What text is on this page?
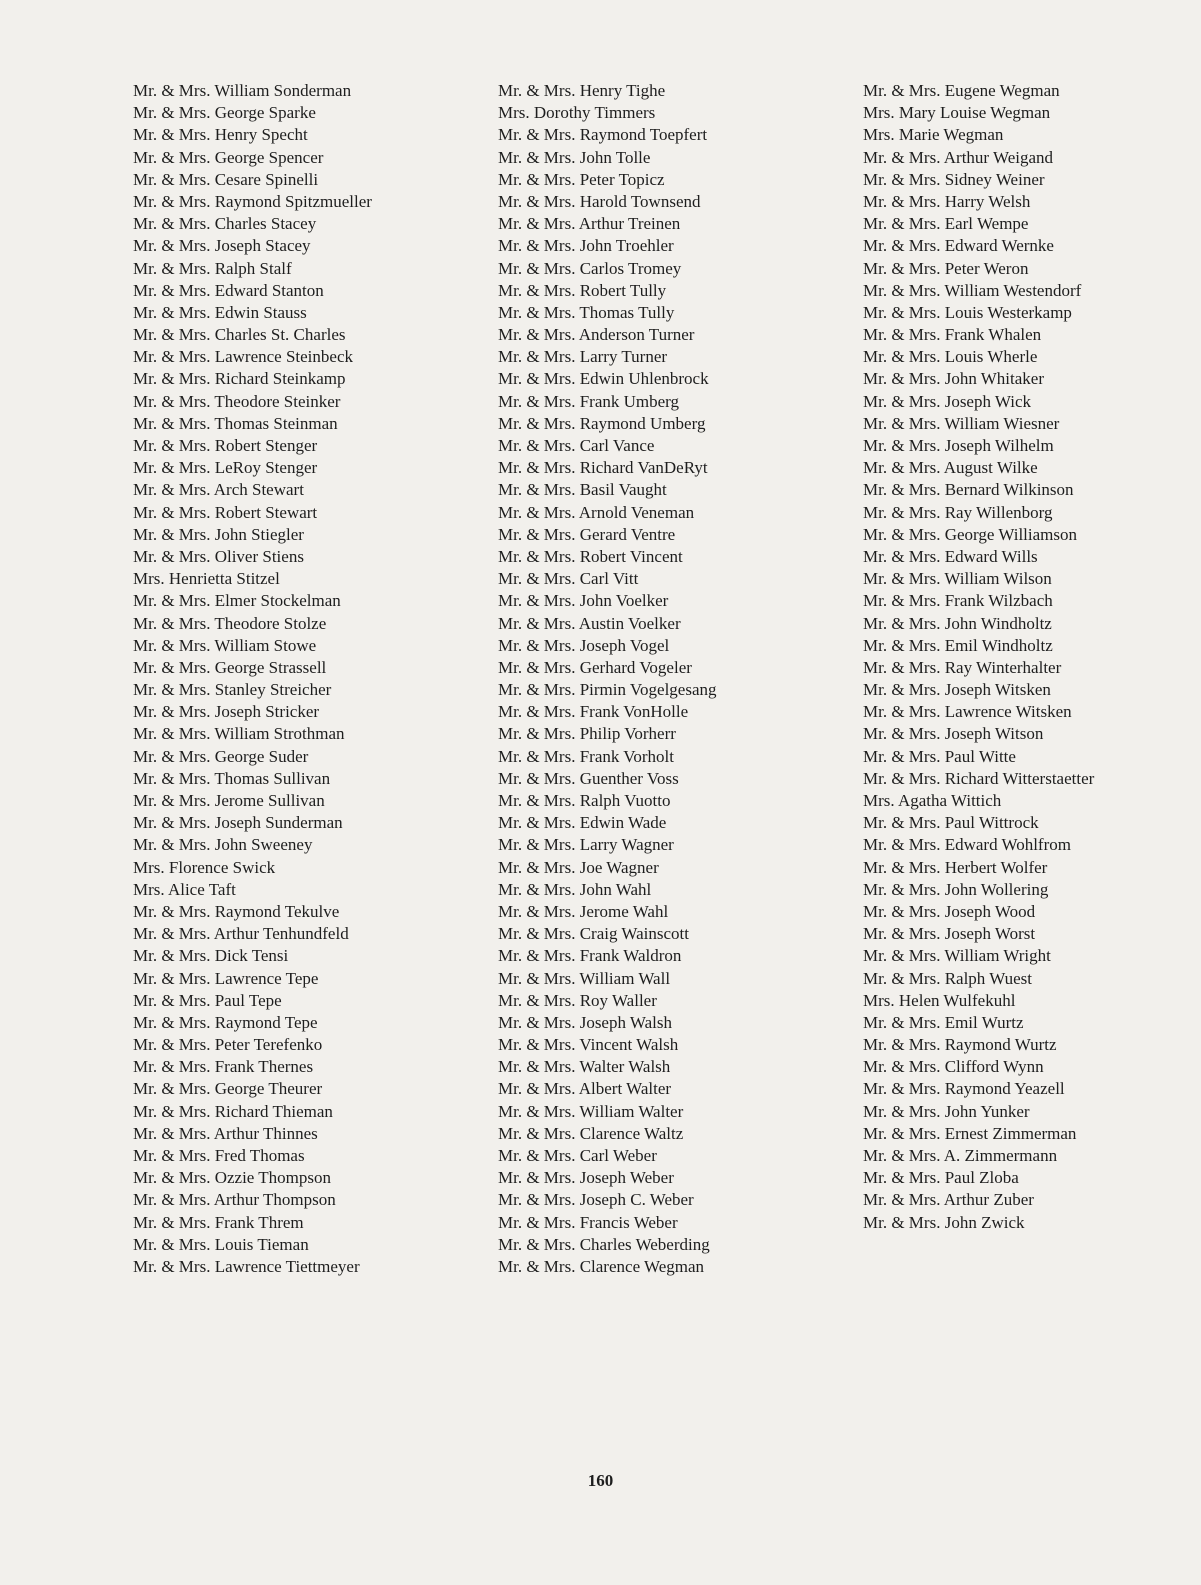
Mr. & Mrs. William Sonderman
Mr. & Mrs. George Sparke
Mr. & Mrs. Henry Specht
Mr. & Mrs. George Spencer
Mr. & Mrs. Cesare Spinelli
Mr. & Mrs. Raymond Spitzmueller
Mr. & Mrs. Charles Stacey
Mr. & Mrs. Joseph Stacey
Mr. & Mrs. Ralph Stalf
Mr. & Mrs. Edward Stanton
Mr. & Mrs. Edwin Stauss
Mr. & Mrs. Charles St. Charles
Mr. & Mrs. Lawrence Steinbeck
Mr. & Mrs. Richard Steinkamp
Mr. & Mrs. Theodore Steinker
Mr. & Mrs. Thomas Steinman
Mr. & Mrs. Robert Stenger
Mr. & Mrs. LeRoy Stenger
Mr. & Mrs. Arch Stewart
Mr. & Mrs. Robert Stewart
Mr. & Mrs. John Stiegler
Mr. & Mrs. Oliver Stiens
Mrs. Henrietta Stitzel
Mr. & Mrs. Elmer Stockelman
Mr. & Mrs. Theodore Stolze
Mr. & Mrs. William Stowe
Mr. & Mrs. George Strassell
Mr. & Mrs. Stanley Streicher
Mr. & Mrs. Joseph Stricker
Mr. & Mrs. William Strothman
Mr. & Mrs. George Suder
Mr. & Mrs. Thomas Sullivan
Mr. & Mrs. Jerome Sullivan
Mr. & Mrs. Joseph Sunderman
Mr. & Mrs. John Sweeney
Mrs. Florence Swick
Mrs. Alice Taft
Mr. & Mrs. Raymond Tekulve
Mr. & Mrs. Arthur Tenhundfeld
Mr. & Mrs. Dick Tensi
Mr. & Mrs. Lawrence Tepe
Mr. & Mrs. Paul Tepe
Mr. & Mrs. Raymond Tepe
Mr. & Mrs. Peter Terefenko
Mr. & Mrs. Frank Thernes
Mr. & Mrs. George Theurer
Mr. & Mrs. Richard Thieman
Mr. & Mrs. Arthur Thinnes
Mr. & Mrs. Fred Thomas
Mr. & Mrs. Ozzie Thompson
Mr. & Mrs. Arthur Thompson
Mr. & Mrs. Frank Threm
Mr. & Mrs. Louis Tieman
Mr. & Mrs. Lawrence Tiettmeyer
Mr. & Mrs. Henry Tighe
Mrs. Dorothy Timmers
Mr. & Mrs. Raymond Toepfert
Mr. & Mrs. John Tolle
Mr. & Mrs. Peter Topicz
Mr. & Mrs. Harold Townsend
Mr. & Mrs. Arthur Treinen
Mr. & Mrs. John Troehler
Mr. & Mrs. Carlos Tromey
Mr. & Mrs. Robert Tully
Mr. & Mrs. Thomas Tully
Mr. & Mrs. Anderson Turner
Mr. & Mrs. Larry Turner
Mr. & Mrs. Edwin Uhlenbrock
Mr. & Mrs. Frank Umberg
Mr. & Mrs. Raymond Umberg
Mr. & Mrs. Carl Vance
Mr. & Mrs. Richard VanDeRyt
Mr. & Mrs. Basil Vaught
Mr. & Mrs. Arnold Veneman
Mr. & Mrs. Gerard Ventre
Mr. & Mrs. Robert Vincent
Mr. & Mrs. Carl Vitt
Mr. & Mrs. John Voelker
Mr. & Mrs. Austin Voelker
Mr. & Mrs. Joseph Vogel
Mr. & Mrs. Gerhard Vogeler
Mr. & Mrs. Pirmin Vogelgesang
Mr. & Mrs. Frank VonHolle
Mr. & Mrs. Philip Vorherr
Mr. & Mrs. Frank Vorholt
Mr. & Mrs. Guenther Voss
Mr. & Mrs. Ralph Vuotto
Mr. & Mrs. Edwin Wade
Mr. & Mrs. Larry Wagner
Mr. & Mrs. Joe Wagner
Mr. & Mrs. John Wahl
Mr. & Mrs. Jerome Wahl
Mr. & Mrs. Craig Wainscott
Mr. & Mrs. Frank Waldron
Mr. & Mrs. William Wall
Mr. & Mrs. Roy Waller
Mr. & Mrs. Joseph Walsh
Mr. & Mrs. Vincent Walsh
Mr. & Mrs. Walter Walsh
Mr. & Mrs. Albert Walter
Mr. & Mrs. William Walter
Mr. & Mrs. Clarence Waltz
Mr. & Mrs. Carl Weber
Mr. & Mrs. Joseph Weber
Mr. & Mrs. Joseph C. Weber
Mr. & Mrs. Francis Weber
Mr. & Mrs. Charles Weberding
Mr. & Mrs. Clarence Wegman
Mr. & Mrs. Eugene Wegman
Mrs. Mary Louise Wegman
Mrs. Marie Wegman
Mr. & Mrs. Arthur Weigand
Mr. & Mrs. Sidney Weiner
Mr. & Mrs. Harry Welsh
Mr. & Mrs. Earl Wempe
Mr. & Mrs. Edward Wernke
Mr. & Mrs. Peter Weron
Mr. & Mrs. William Westendorf
Mr. & Mrs. Louis Westerkamp
Mr. & Mrs. Frank Whalen
Mr. & Mrs. Louis Wherle
Mr. & Mrs. John Whitaker
Mr. & Mrs. Joseph Wick
Mr. & Mrs. William Wiesner
Mr. & Mrs. Joseph Wilhelm
Mr. & Mrs. August Wilke
Mr. & Mrs. Bernard Wilkinson
Mr. & Mrs. Ray Willenborg
Mr. & Mrs. George Williamson
Mr. & Mrs. Edward Wills
Mr. & Mrs. William Wilson
Mr. & Mrs. Frank Wilzbach
Mr. & Mrs. John Windholtz
Mr. & Mrs. Emil Windholtz
Mr. & Mrs. Ray Winterhalter
Mr. & Mrs. Joseph Witsken
Mr. & Mrs. Lawrence Witsken
Mr. & Mrs. Joseph Witson
Mr. & Mrs. Paul Witte
Mr. & Mrs. Richard Witterstaetter
Mrs. Agatha Wittich
Mr. & Mrs. Paul Wittrock
Mr. & Mrs. Edward Wohlfrom
Mr. & Mrs. Herbert Wolfer
Mr. & Mrs. John Wollering
Mr. & Mrs. Joseph Wood
Mr. & Mrs. Joseph Worst
Mr. & Mrs. William Wright
Mr. & Mrs. Ralph Wuest
Mrs. Helen Wulfekuhl
Mr. & Mrs. Emil Wurtz
Mr. & Mrs. Raymond Wurtz
Mr. & Mrs. Clifford Wynn
Mr. & Mrs. Raymond Yeazell
Mr. & Mrs. John Yunker
Mr. & Mrs. Ernest Zimmerman
Mr. & Mrs. A. Zimmermann
Mr. & Mrs. Paul Zloba
Mr. & Mrs. Arthur Zuber
Mr. & Mrs. John Zwick
160
